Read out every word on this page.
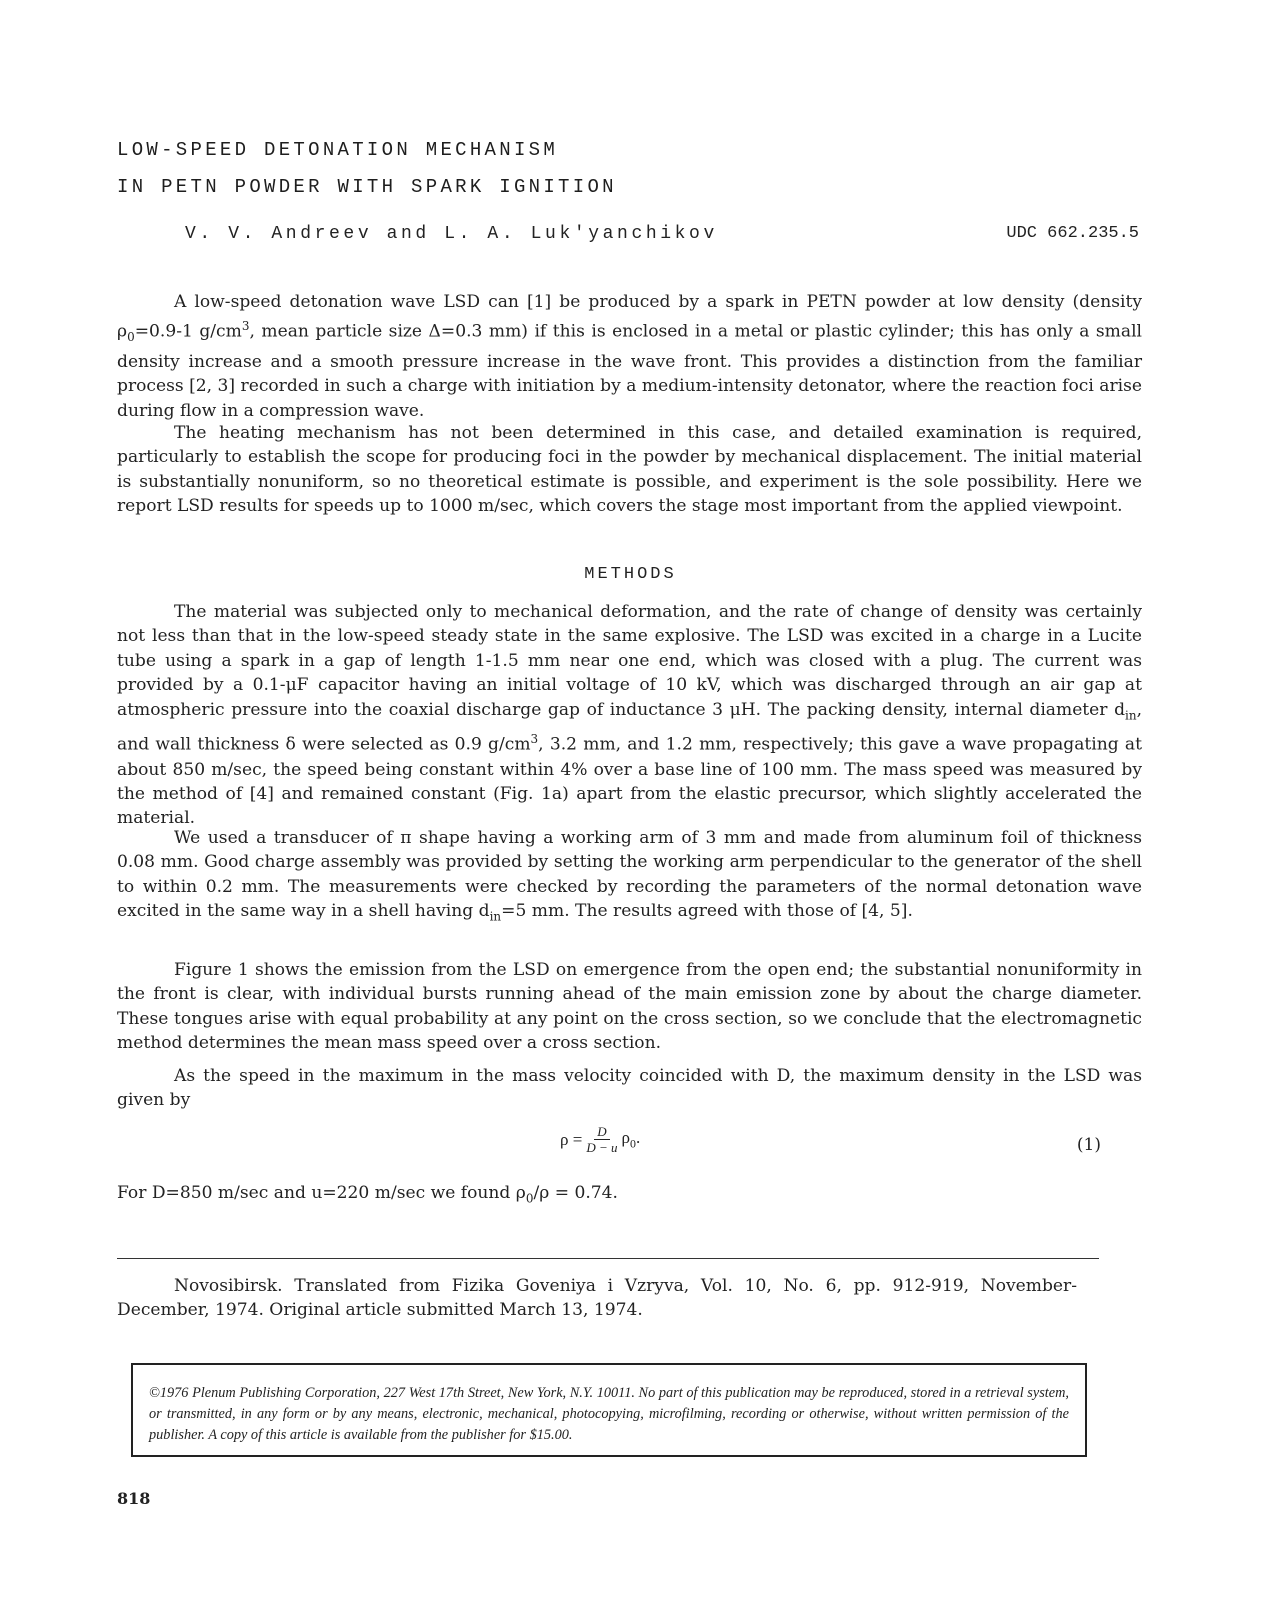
LOW-SPEED DETONATION MECHANISM
IN PETN POWDER WITH SPARK IGNITION
V. V. Andreev and L. A. Luk'yanchikov	UDC 662.235.5

A low-speed detonation wave LSD can [1] be produced by a spark in PETN powder at low density (density $\rho_0=0.9-1$ $g/cm^3$, mean particle size Δ=0.3 mm) if this is enclosed in a metal or plastic cylinder; this has only a small density increase and a smooth pressure increase in the wave front. This provides a distinction from the familiar process [2, 3] recorded in such a charge with initiation by a medium-intensity detonator, where the reaction foci arise during flow in a compression wave.

The heating mechanism has not been determined in this case, and detailed examination is required, particularly to establish the scope for producing foci in the powder by mechanical displacement. The initial material is substantially nonuniform, so no theoretical estimate is possible, and experiment is the sole possibility. Here we report LSD results for speeds up to 1000 m/sec, which covers the stage most important from the applied viewpoint.

METHODS

The material was subjected only to mechanical deformation, and the rate of change of density was certainly not less than that in the low-speed steady state in the same explosive. The LSD was excited in a charge in a Lucite tube using a spark in a gap of length 1-1.5 mm near one end, which was closed with a plug. The current was provided by a 0.1-μF capacitor having an initial voltage of 10 kV, which was discharged through an air gap at atmospheric pressure into the coaxial discharge gap of inductance 3 μH. The packing density, internal diameter $d_{in}$, and wall thickness δ were selected as 0.9 $g/cm^3$, 3.2 mm, and 1.2 mm, respectively; this gave a wave propagating at about 850 m/sec, the speed being constant within 4% over a base line of 100 mm. The mass speed was measured by the method of [4] and remained constant (Fig. 1a) apart from the elastic precursor, which slightly accelerated the material.

We used a transducer of π shape having a working arm of 3 mm and made from aluminum foil of thickness 0.08 mm. Good charge assembly was provided by setting the working arm perpendicular to the generator of the shell to within 0.2 mm. The measurements were checked by recording the parameters of the normal detonation wave excited in the same way in a shell having $d_{in}=5$ mm. The results agreed with those of [4, 5].

Figure 1 shows the emission from the LSD on emergence from the open end; the substantial nonuniformity in the front is clear, with individual bursts running ahead of the main emission zone by about the charge diameter. These tongues arise with equal probability at any point on the cross section, so we conclude that the electromagnetic method determines the mean mass speed over a cross section.

As the speed in the maximum in the mass velocity coincided with D, the maximum density in the LSD was given by

$\rho = \frac{D}{D - u} \rho_0$.	(1)
For D=850 m/sec and u=220 m/sec we found $\rho_0/\rho = 0.74$.

Novosibirsk. Translated from Fizika Goveniya i Vzryva, Vol. 10, No. 6, pp. 912-919, November-December, 1974. Original article submitted March 13, 1974.

©1976 Plenum Publishing Corporation, 227 West 17th Street, New York, N.Y. 10011. No part of this publication may be reproduced, stored in a retrieval system, or transmitted, in any form or by any means, electronic, mechanical, photocopying, microfilming, recording or otherwise, without written permission of the publisher. A copy of this article is available from the publisher for $15.00.
818
